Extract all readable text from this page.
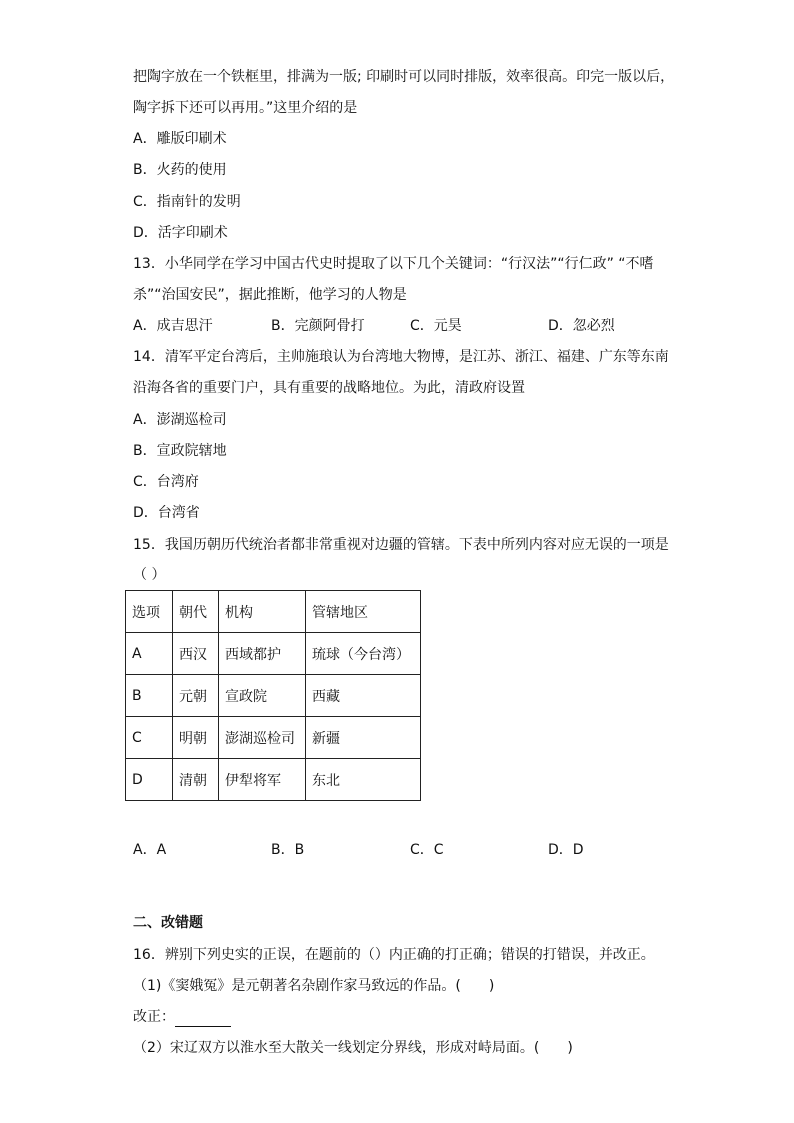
把陶字放在一个铁框里，排满为一版; 印刷时可以同时排版，效率很高。印完一版以后，
陶字拆下还可以再用。”这里介绍的是
A．雕版印刷术
B．火药的使用
C．指南针的发明
D．活字印刷术
13．小华同学在学习中国古代史时提取了以下几个关键词：“行汉法”“行仁政” “不嗜
杀”“治国安民”，据此推断，他学习的人物是
A．成吉思汗	B．完颜阿骨打	C．元昊	D．忽必烈
14．清军平定台湾后，主帅施琅认为台湾地大物博，是江苏、浙江、福建、广东等东南
沿海各省的重要门户，具有重要的战略地位。为此，清政府设置
A．澎湖巡检司
B．宣政院辖地
C．台湾府
D．台湾省
15．我国历朝历代统治者都非常重视对边疆的管辖。下表中所列内容对应无误的一项是
（ ）
选项	朝代	机构	管辖地区
A	西汉	西域都护	琉球（今台湾）
B	元朝	宣政院	西藏
C	明朝	澎湖巡检司	新疆
D	清朝	伊犁将军	东北
A．A	B．B	C．C	D．D
二、改错题
16．辨别下列史实的正误，在题前的（）内正确的打正确；错误的打错误，并改正。
（1)《窦娥冤》是元朝著名杂剧作家马致远的作品。(　　)
改正：
（2）宋辽双方以淮水至大散关一线划定分界线，形成对峙局面。(　　)
